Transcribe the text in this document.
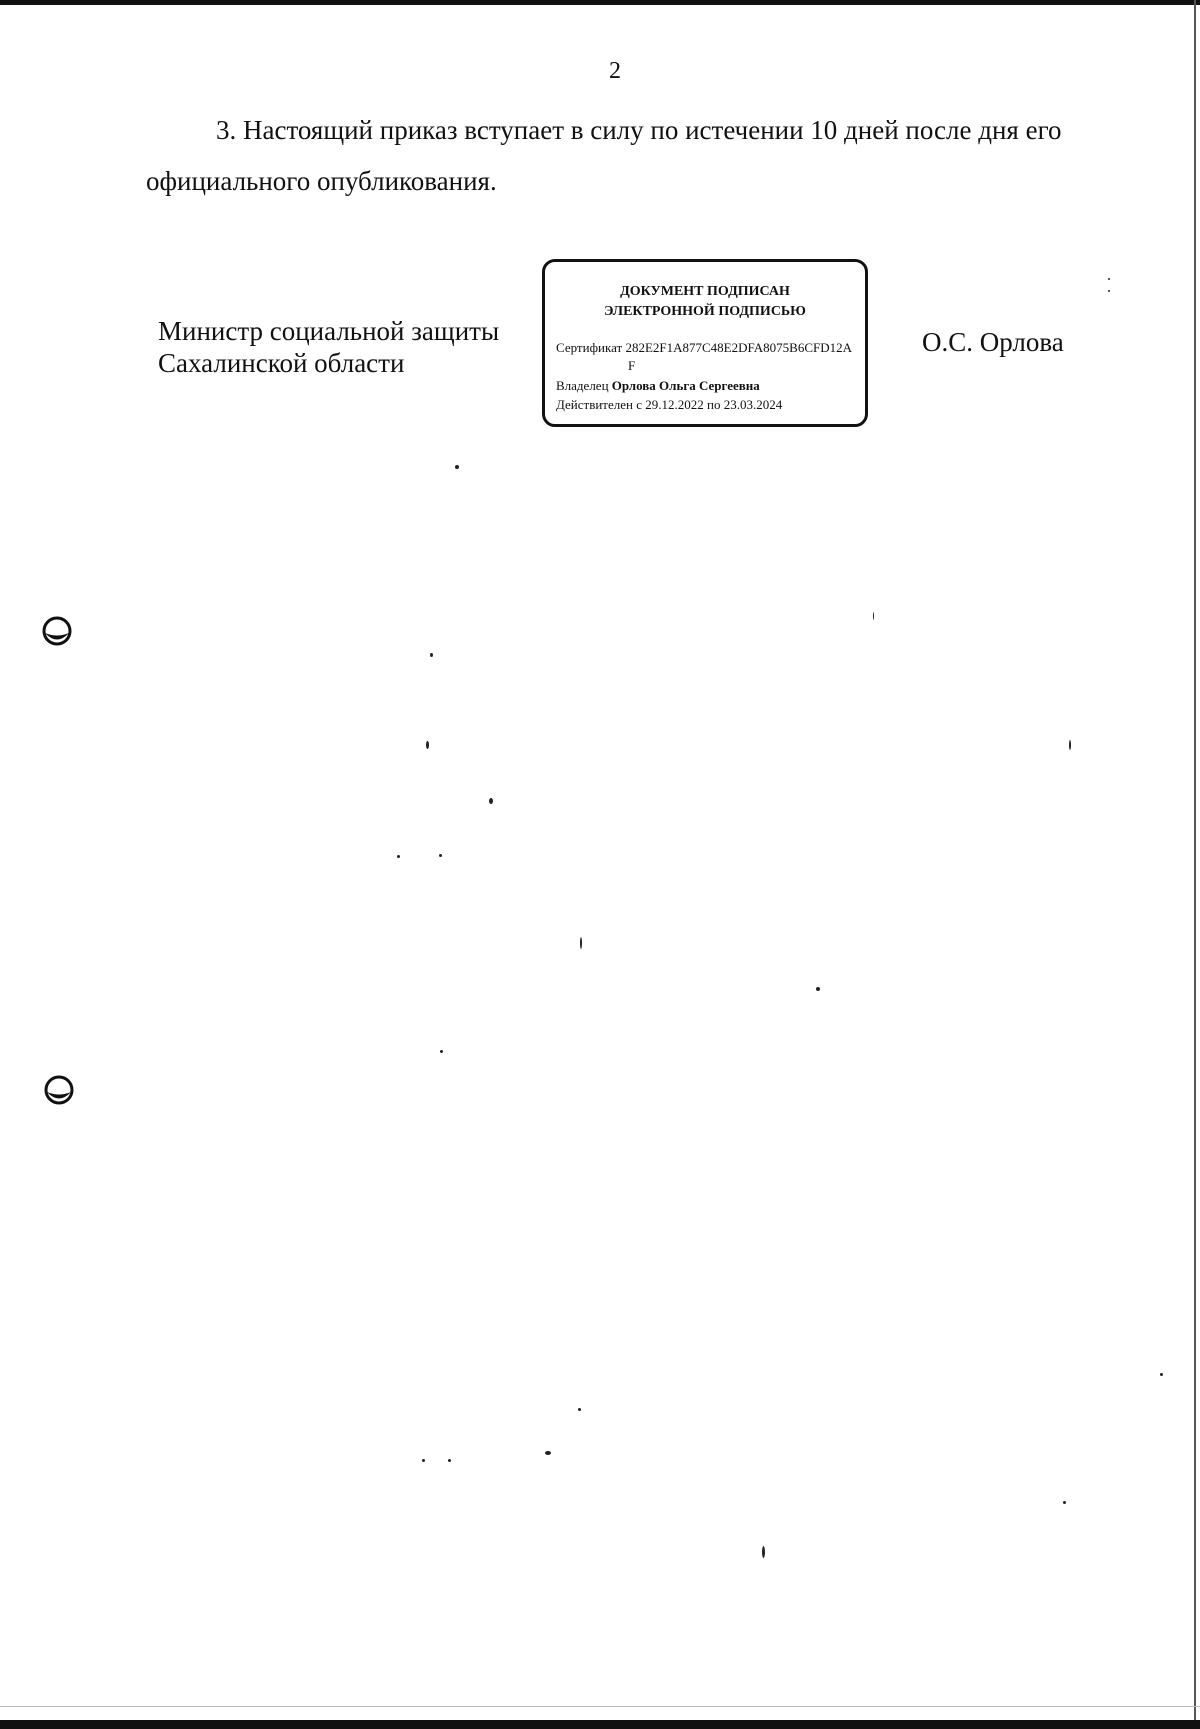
2
3. Настоящий приказ вступает в силу по истечении 10 дней после дня его
официального опубликования.
Министр социальной защиты
Сахалинской области
ДОКУМЕНТ ПОДПИСАН
ЭЛЕКТРОННОЙ ПОДПИСЬЮ
Сертификат 282E2F1A877C48E2DFA8075B6CFD12A
F
Владелец Орлова Ольга Сергеевна
Действителен с 29.12.2022 по 23.03.2024
О.С. Орлова
